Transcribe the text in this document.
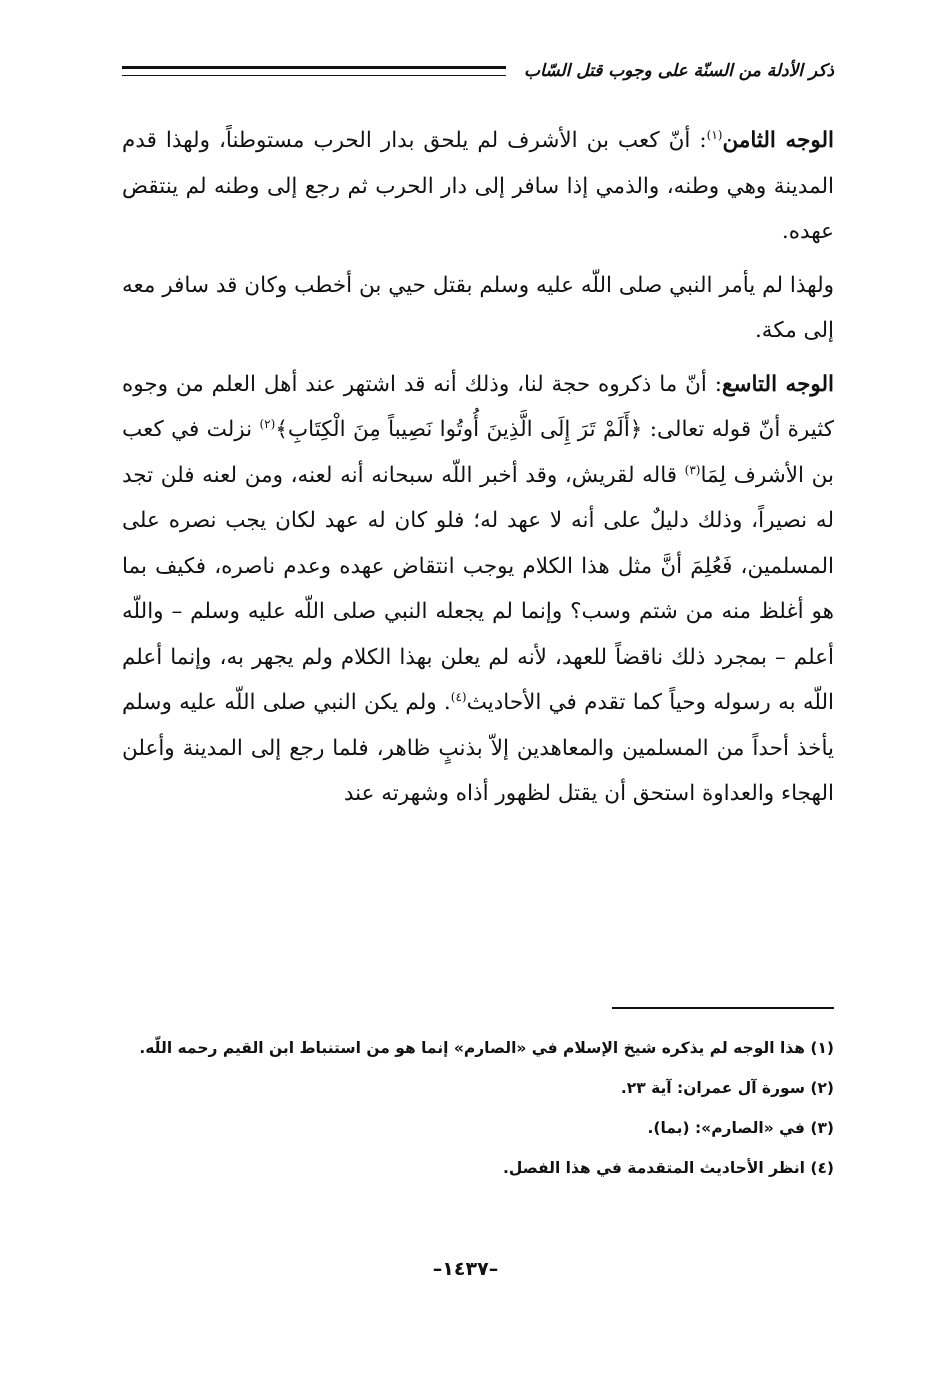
ذكر الأدلة من السنّة على وجوب قتل السّاب

الوجه الثامن$^{(١)}$: أنّ كعب بن الأشرف لم يلحق بدار الحرب مستوطناً، ولهذا قدم المدينة وهي وطنه، والذمي إذا سافر إلى دار الحرب ثم رجع إلى وطنه لم ينتقض عهده.

ولهذا لم يأمر النبي صلى اللّه عليه وسلم بقتل حيي بن أخطب وكان قد سافر معه إلى مكة.

الوجه التاسع: أنّ ما ذكروه حجة لنا، وذلك أنه قد اشتهر عند أهل العلم من وجوه كثيرة أنّ قوله تعالى: ﴿أَلَمْ تَرَ إِلَى الَّذِينَ أُوتُوا نَصِيباً مِنَ الْكِتَابِ﴾$^{(٢)}$ نزلت في كعب بن الأشرف لِمَا$^{(٣)}$ قاله لقريش، وقد أخبر اللّه سبحانه أنه لعنه، ومن لعنه فلن تجد له نصيراً، وذلك دليلٌ على أنه لا عهد له؛ فلو كان له عهد لكان يجب نصره على المسلمين، فَعُلِمَ أنَّ مثل هذا الكلام يوجب انتقاض عهده وعدم ناصره، فكيف بما هو أغلظ منه من شتم وسب؟ وإنما لم يجعله النبي صلى اللّه عليه وسلم – واللّه أعلم – بمجرد ذلك ناقضاً للعهد، لأنه لم يعلن بهذا الكلام ولم يجهر به، وإنما أعلم اللّه به رسوله وحياً كما تقدم في الأحاديث$^{(٤)}$. ولم يكن النبي صلى اللّه عليه وسلم يأخذ أحداً من المسلمين والمعاهدين إلاّ بذنبٍ ظاهر، فلما رجع إلى المدينة وأعلن الهجاء والعداوة استحق أن يقتل لظهور أذاه وشهرته عند

(١) هذا الوجه لم يذكره شيخ الإسلام في «الصارم» إنما هو من استنباط ابن القيم رحمه اللّه.

(٢) سورة آل عمران: آية ٢٣.

(٣) في «الصارم»: (بما).

(٤) انظر الأحاديث المتقدمة في هذا الفصل.

–١٤٣٧–
